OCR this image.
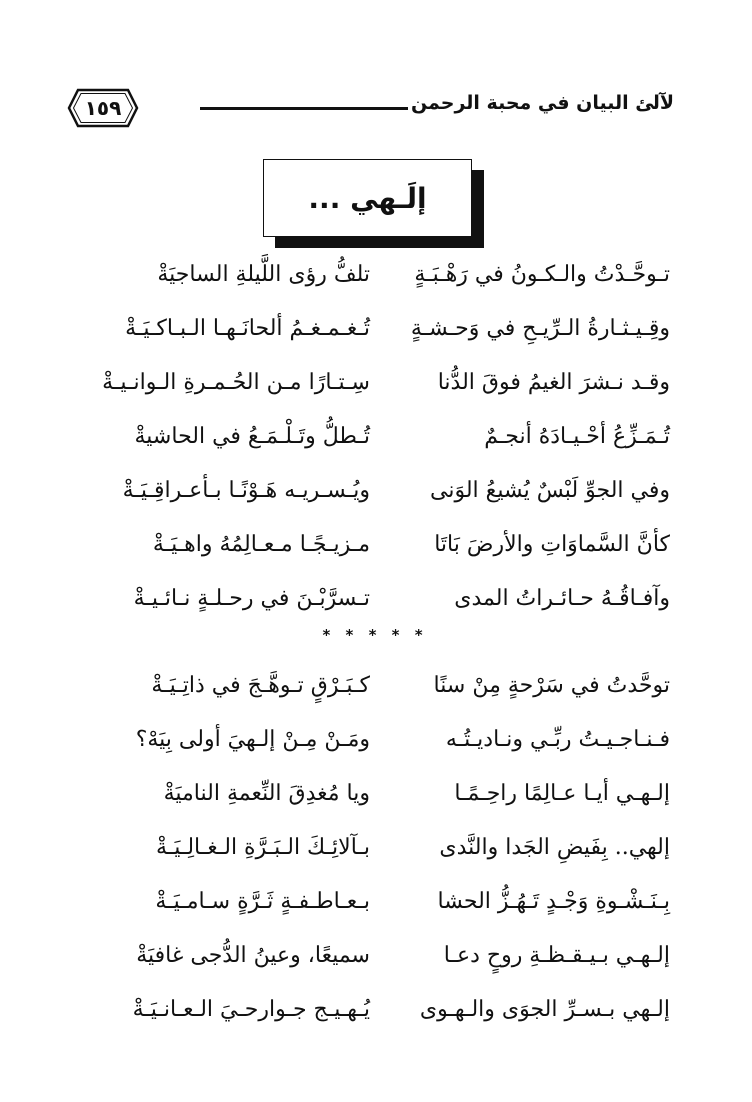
لآلئ البيان في محبة الرحمن
١٥٩
إلَـهي ...
تـوحَّـدْتُ والـكـونُ في رَهْـبَـةٍ
تلفُّ رؤى اللَّيلةِ الساجيَةْ
وقِـيـثـارةُ الـرِّيـحِ في وَحـشـةٍ
تُـغـمـغـمُ ألحانَـهـا الـبـاكـيَـةْ
وقـد نـشرَ الغيمُ فوقَ الدُّنا
سِـتـارًا مـن الحُـمـرةِ الـوانـيـةْ
تُـمَـزِّعُ أحْـيـادَهُ أنجـمٌ
تُـطلُّ وتَـلْـمَـعُ في الحاشيةْ
وفي الجوِّ لَبْسٌ يُشيعُ الوَنى
ويُـسـريـه هَـوْنًـا بـأعـراقِـيَـةْ
كأنَّ السَّماوَاتِ والأرضَ بَاتَا
مـزيـجًـا مـعـالِمُهُ واهـيَـةْ
وآفـاقُـهُ حـائـراتُ المدى
تـسرَّبْـنَ في رحـلـةٍ نـائـيـةْ
* * * * *
توحَّدتُ في سَرْحةٍ مِنْ سنًا
كـبَـرْقٍ تـوهَّـجَ في ذاتِـيَـةْ
فـنـاجـيـتُ ربِّـي ونـاديـتُـه
ومَـنْ مِـنْ إلـهيَ أولى بِيَهْ؟
إلـهـي أيـا عـالِمًا راحِـمًـا
ويا مُغدِقَ النِّعمةِ الناميَةْ
إلهي.. بِفَيضِ الجَدا والنَّدى
بـآلائِـكَ الـبَـرَّةِ الـغـالِـيَـةْ
بِـنَـشْـوةِ وَجْـدٍ تَـهُـزُّ الحشا
بـعـاطـفـةٍ ثَـرَّةٍ سـامـيَـةْ
إلـهـي بـيـقـظـةِ روحٍ دعـا
سميعًا، وعينُ الدُّجى غافيَةْ
إلـهي بـسـرِّ الجوَى والـهـوى
يُـهـيـج جـوارحـيَ الـعـانـيَـةْ
